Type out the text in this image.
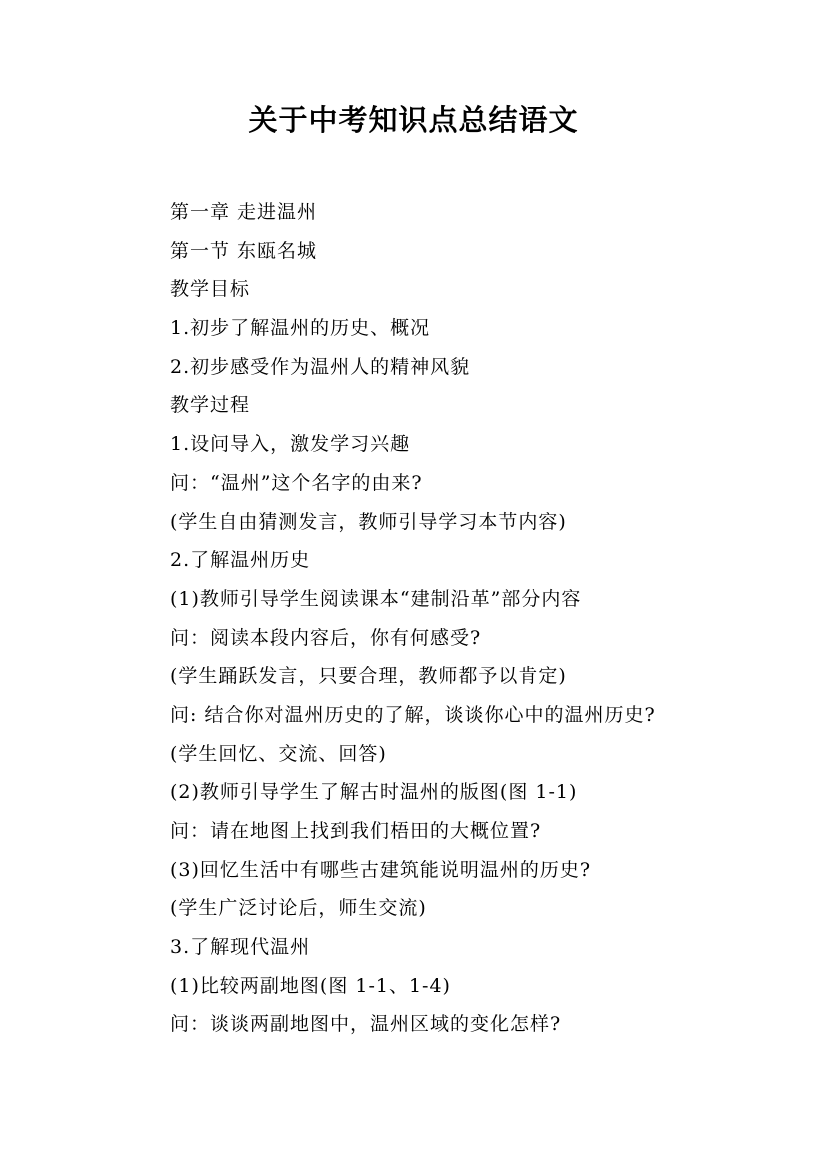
关于中考知识点总结语文
第一章 走进温州
第一节 东瓯名城
教学目标
1.初步了解温州的历史、概况
2.初步感受作为温州人的精神风貌
教学过程
1.设问导入，激发学习兴趣
问：“温州”这个名字的由来?
(学生自由猜测发言，教师引导学习本节内容)
2.了解温州历史
(1)教师引导学生阅读课本“建制沿革”部分内容
问：阅读本段内容后，你有何感受?
(学生踊跃发言，只要合理，教师都予以肯定)
问: 结合你对温州历史的了解，谈谈你心中的温州历史?
(学生回忆、交流、回答)
(2)教师引导学生了解古时温州的版图(图 1-1)
问：请在地图上找到我们梧田的大概位置?
(3)回忆生活中有哪些古建筑能说明温州的历史?
(学生广泛讨论后，师生交流)
3.了解现代温州
(1)比较两副地图(图 1-1、1-4)
问：谈谈两副地图中，温州区域的变化怎样?
